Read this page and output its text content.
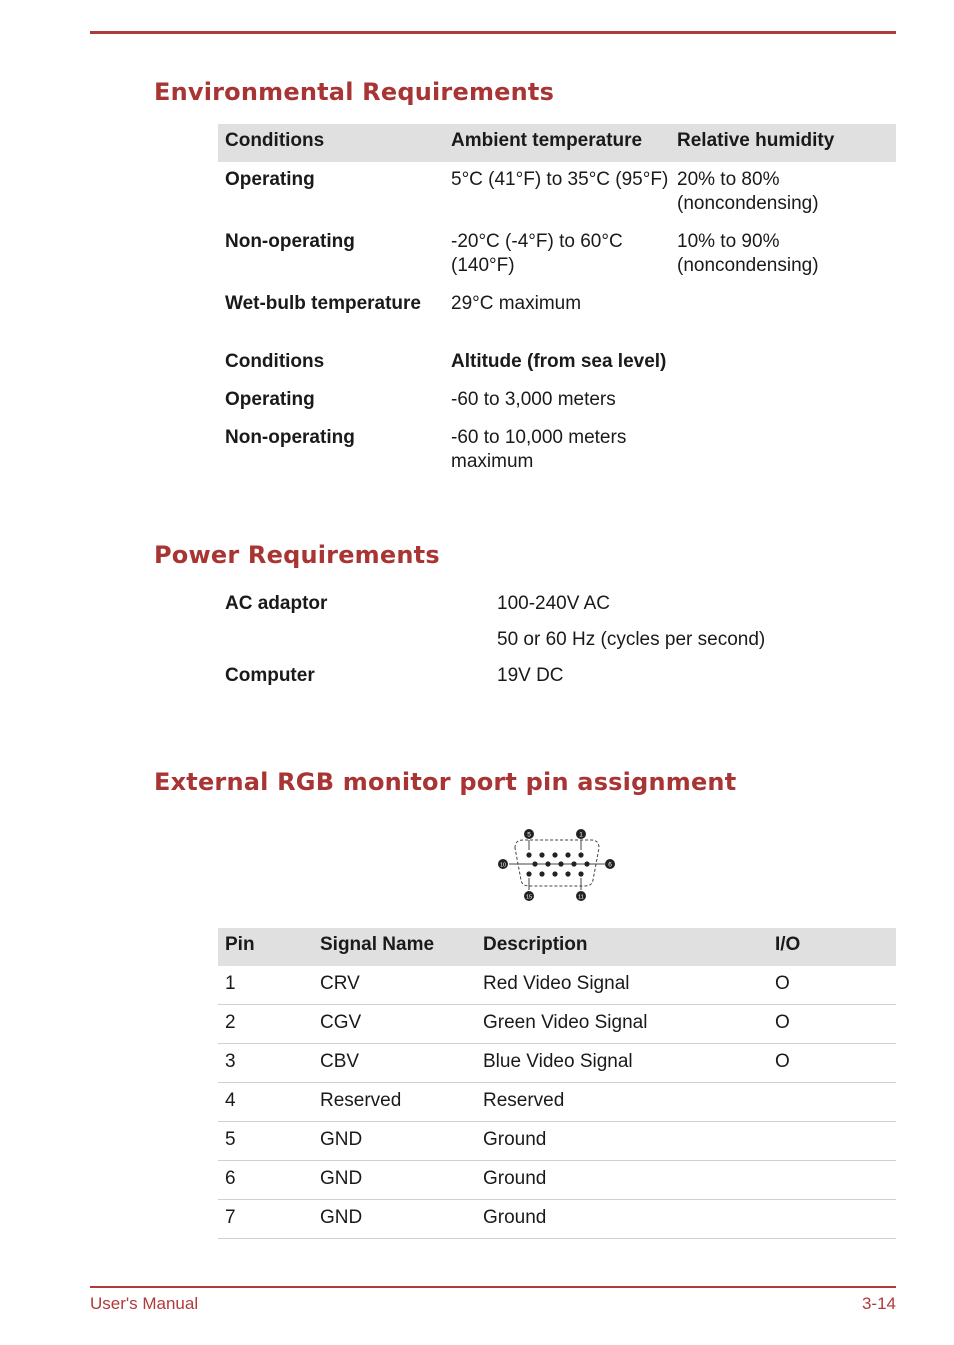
Environmental Requirements
Conditions	Ambient temperature	Relative humidity
Operating	5°C (41°F) to 35°C (95°F)	20% to 80% (noncondensing)
Non-operating	-20°C (-4°F) to 60°C (140°F)	10% to 90% (noncondensing)
Wet-bulb temperature	29°C maximum	
Conditions	Altitude (from sea level)	
Operating	-60 to 3,000 meters	
Non-operating	-60 to 10,000 meters maximum	
Power Requirements
AC adaptor	100-240V AC
	50 or 60 Hz (cycles per second)
Computer	19V DC
External RGB monitor port pin assignment
5	1
10	6
15	11
Pin	Signal Name	Description	I/O
1	CRV	Red Video Signal	O
2	CGV	Green Video Signal	O
3	CBV	Blue Video Signal	O
4	Reserved	Reserved	
5	GND	Ground	
6	GND	Ground	
7	GND	Ground	
User's Manual	3-14
